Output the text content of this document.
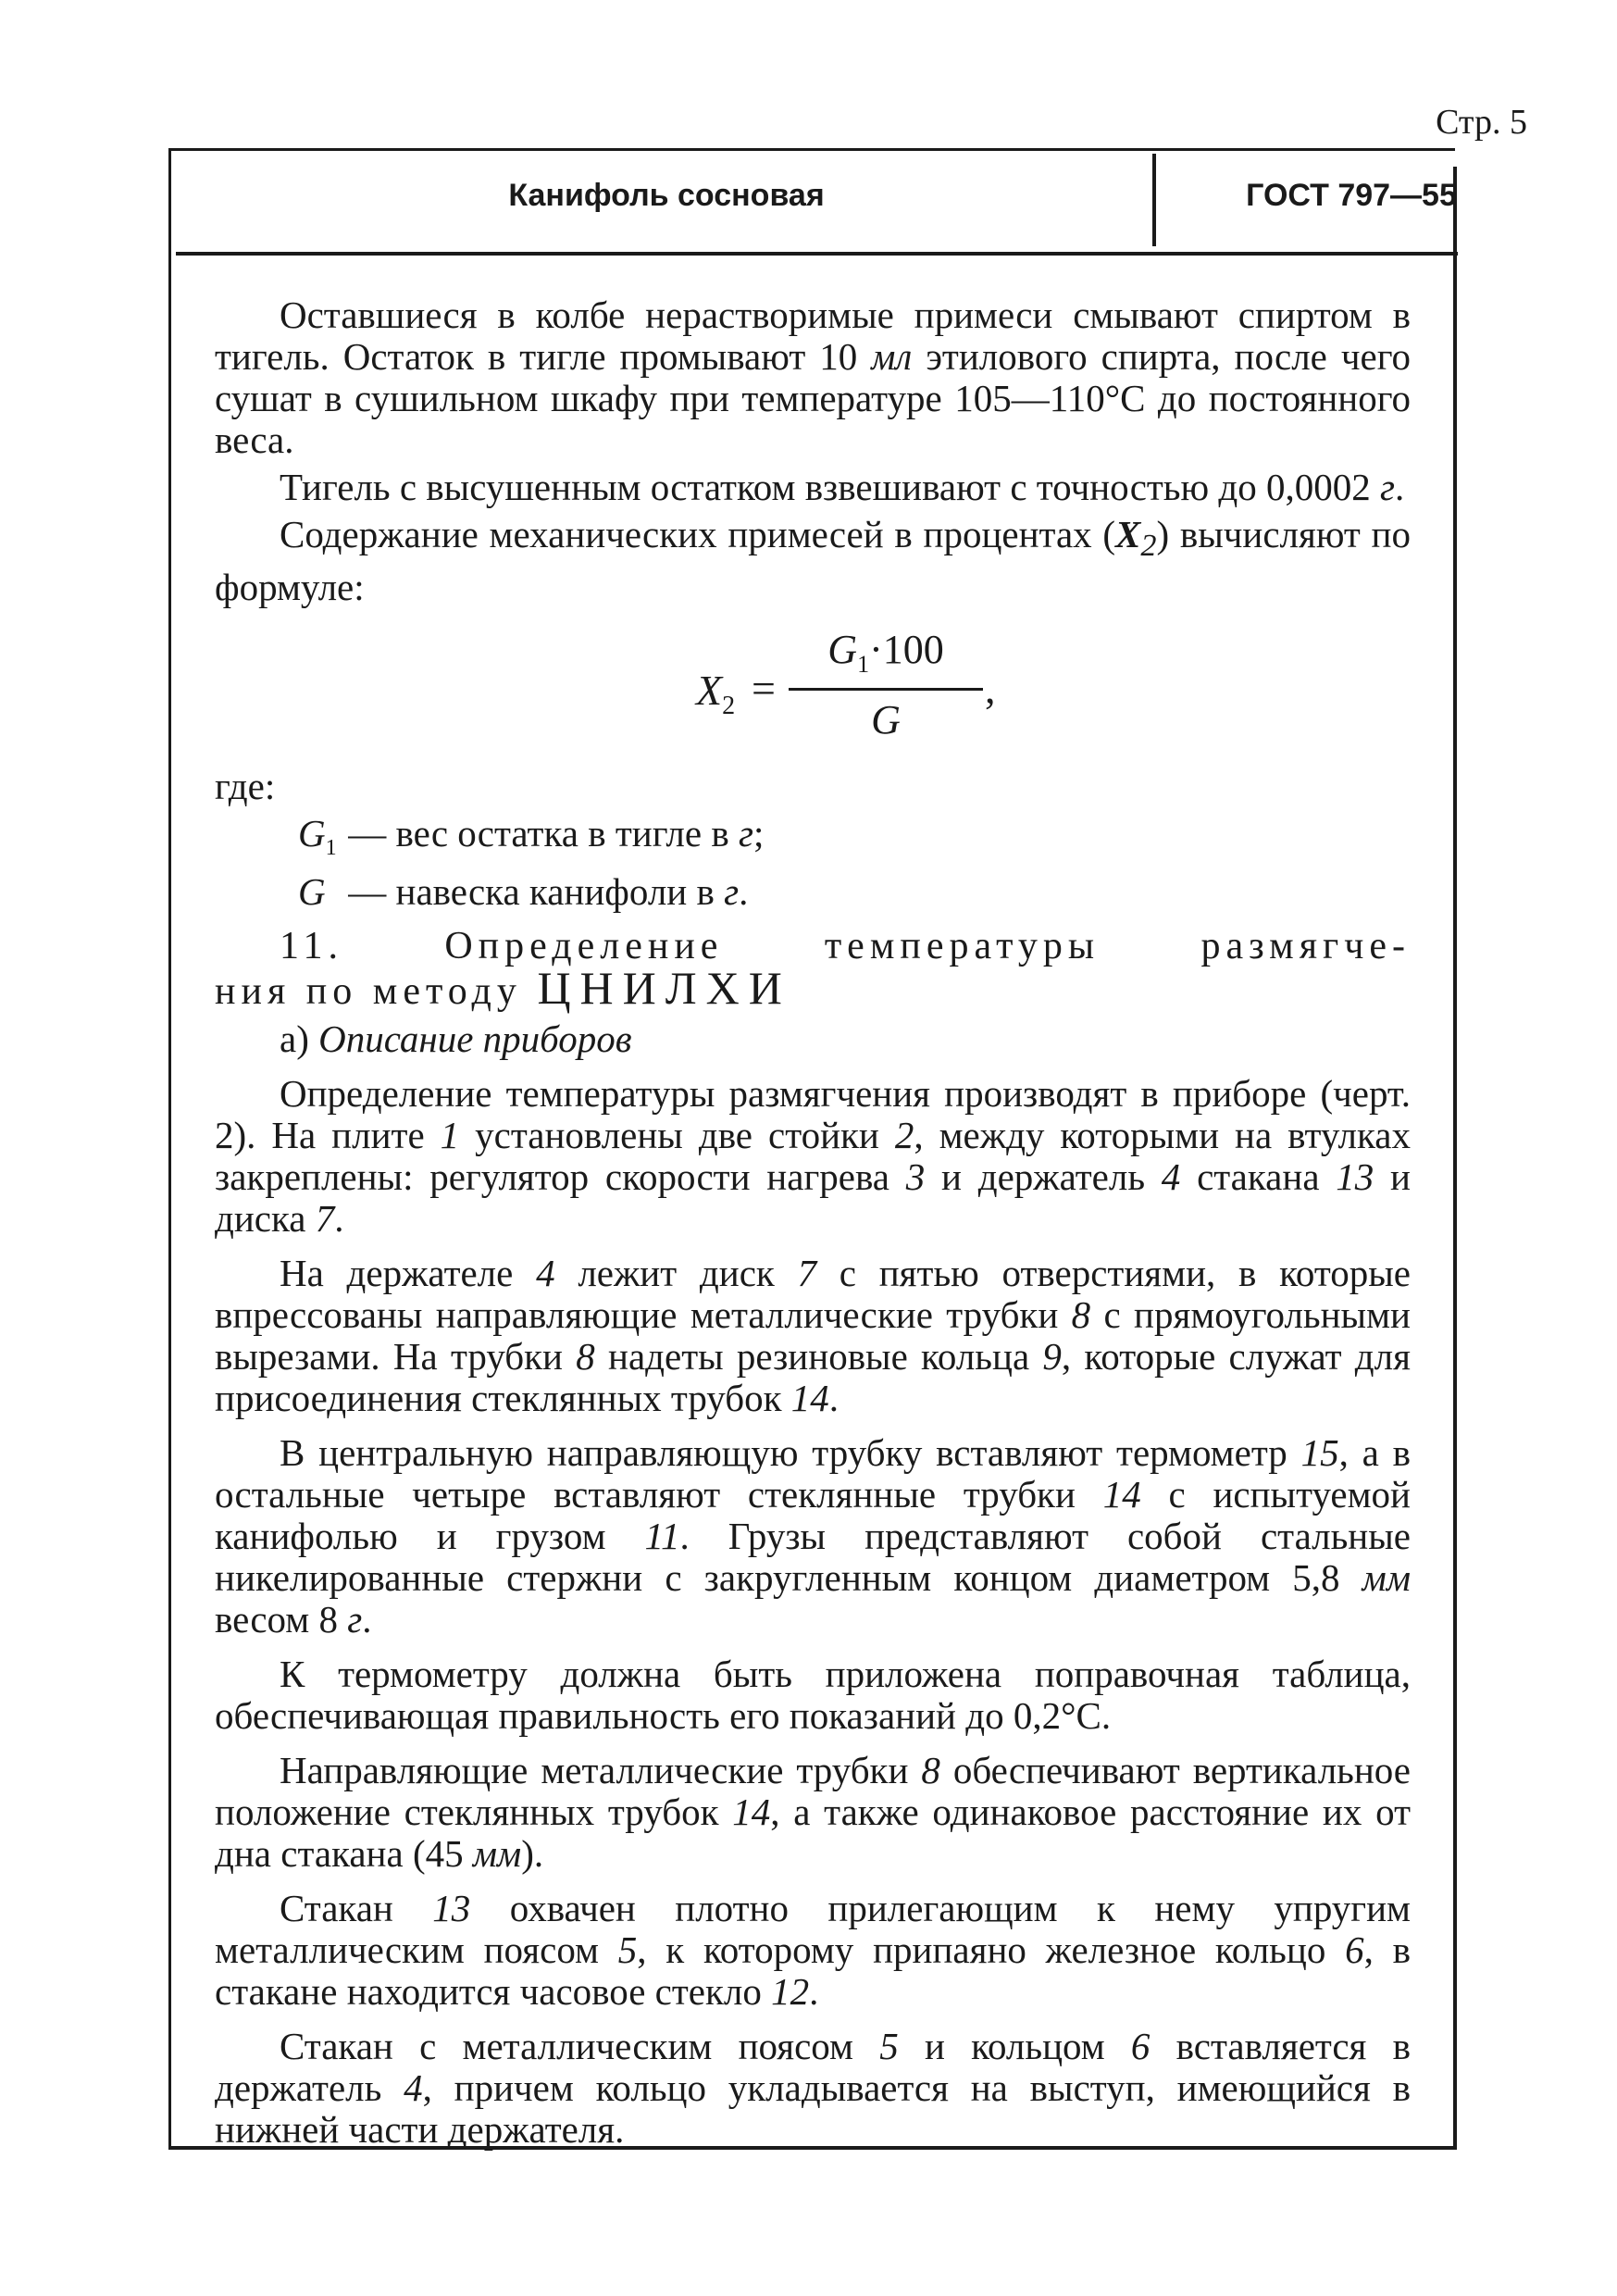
Стр. 5
Канифоль сосновая	ГОСТ 797—55

Оставшиеся в колбе нерастворимые примеси смывают спиртом в тигель. Остаток в тигле промывают 10 мл этилового спирта, после чего сушат в сушильном шкафу при температуре 105—110°С до постоянного веса.

Тигель с высушенным остатком взвешивают с точностью до 0,0002 г.

Содержание механических примесей в процентах $(X_2)$ вычисляют по формуле:

$X_2$ =
$G_1\cdot 100$
G
,

где:

$G_1$ — вес остатка в тигле в г;

G — навеска канифоли в г.

11. Определение температуры размягче-

ния по методу ЦНИЛХИ

а) Описание приборов

Определение температуры размягчения производят в приборе (черт. 2). На плите 1 установлены две стойки 2, между которыми на втулках закреплены: регулятор скорости нагрева 3 и держатель 4 стакана 13 и диска 7.

На держателе 4 лежит диск 7 с пятью отверстиями, в которые впрессованы направляющие металлические трубки 8 с прямоугольными вырезами. На трубки 8 надеты резиновые кольца 9, которые служат для присоединения стеклянных трубок 14.

В центральную направляющую трубку вставляют термометр 15, а в остальные четыре вставляют стеклянные трубки 14 с испытуемой канифолью и грузом 11. Грузы представляют собой стальные никелированные стержни с закругленным концом диаметром 5,8 мм весом 8 г.

К термометру должна быть приложена поправочная таблица, обеспечивающая правильность его показаний до 0,2°С.

Направляющие металлические трубки 8 обеспечивают вертикальное положение стеклянных трубок 14, а также одинаковое расстояние их от дна стакана (45 мм).

Стакан 13 охвачен плотно прилегающим к нему упругим металлическим поясом 5, к которому припаяно железное кольцо 6, в стакане находится часовое стекло 12.

Стакан с металлическим поясом 5 и кольцом 6 вставляется в держатель 4, причем кольцо укладывается на выступ, имеющийся в нижней части держателя.
